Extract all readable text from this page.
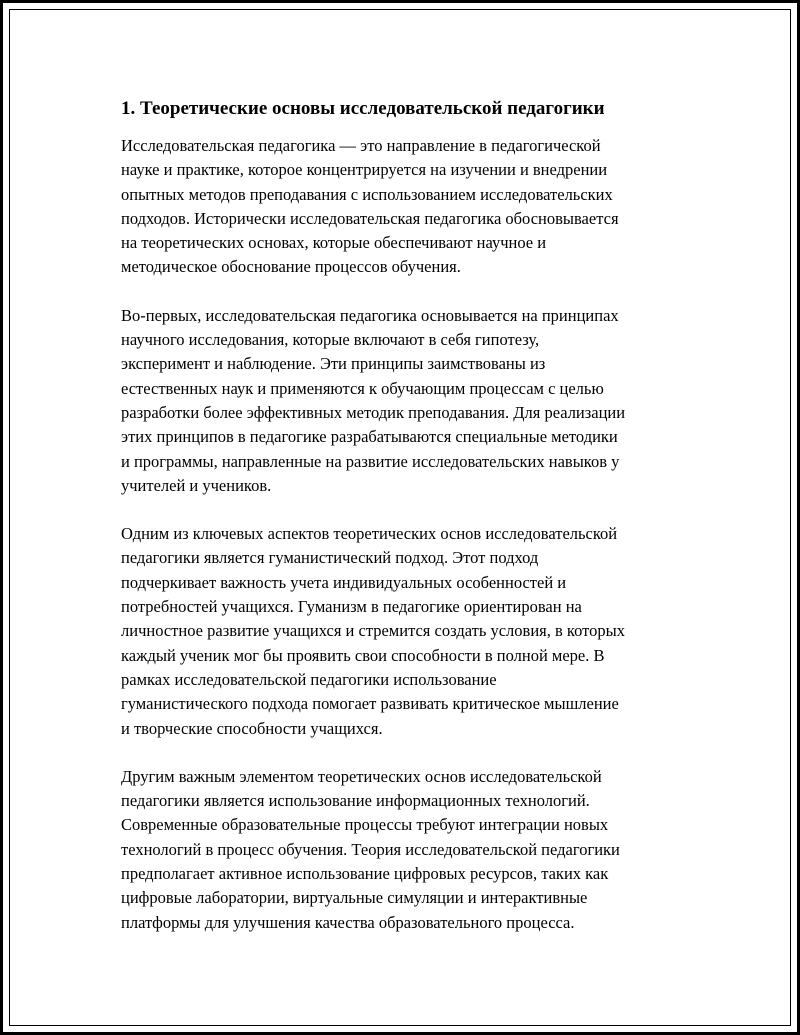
1. Теоретические основы исследовательской педагогики

Исследовательская педагогика — это направление в педагогической
науке и практике, которое концентрируется на изучении и внедрении
опытных методов преподавания с использованием исследовательских
подходов. Исторически исследовательская педагогика обосновывается
на теоретических основах, которые обеспечивают научное и
методическое обоснование процессов обучения.

Во-первых, исследовательская педагогика основывается на принципах
научного исследования, которые включают в себя гипотезу,
эксперимент и наблюдение. Эти принципы заимствованы из
естественных наук и применяются к обучающим процессам с целью
разработки более эффективных методик преподавания. Для реализации
этих принципов в педагогике разрабатываются специальные методики
и программы, направленные на развитие исследовательских навыков у
учителей и учеников.

Одним из ключевых аспектов теоретических основ исследовательской
педагогики является гуманистический подход. Этот подход
подчеркивает важность учета индивидуальных особенностей и
потребностей учащихся. Гуманизм в педагогике ориентирован на
личностное развитие учащихся и стремится создать условия, в которых
каждый ученик мог бы проявить свои способности в полной мере. В
рамках исследовательской педагогики использование
гуманистического подхода помогает развивать критическое мышление
и творческие способности учащихся.

Другим важным элементом теоретических основ исследовательской
педагогики является использование информационных технологий.
Современные образовательные процессы требуют интеграции новых
технологий в процесс обучения. Теория исследовательской педагогики
предполагает активное использование цифровых ресурсов, таких как
цифровые лаборатории, виртуальные симуляции и интерактивные
платформы для улучшения качества образовательного процесса.
